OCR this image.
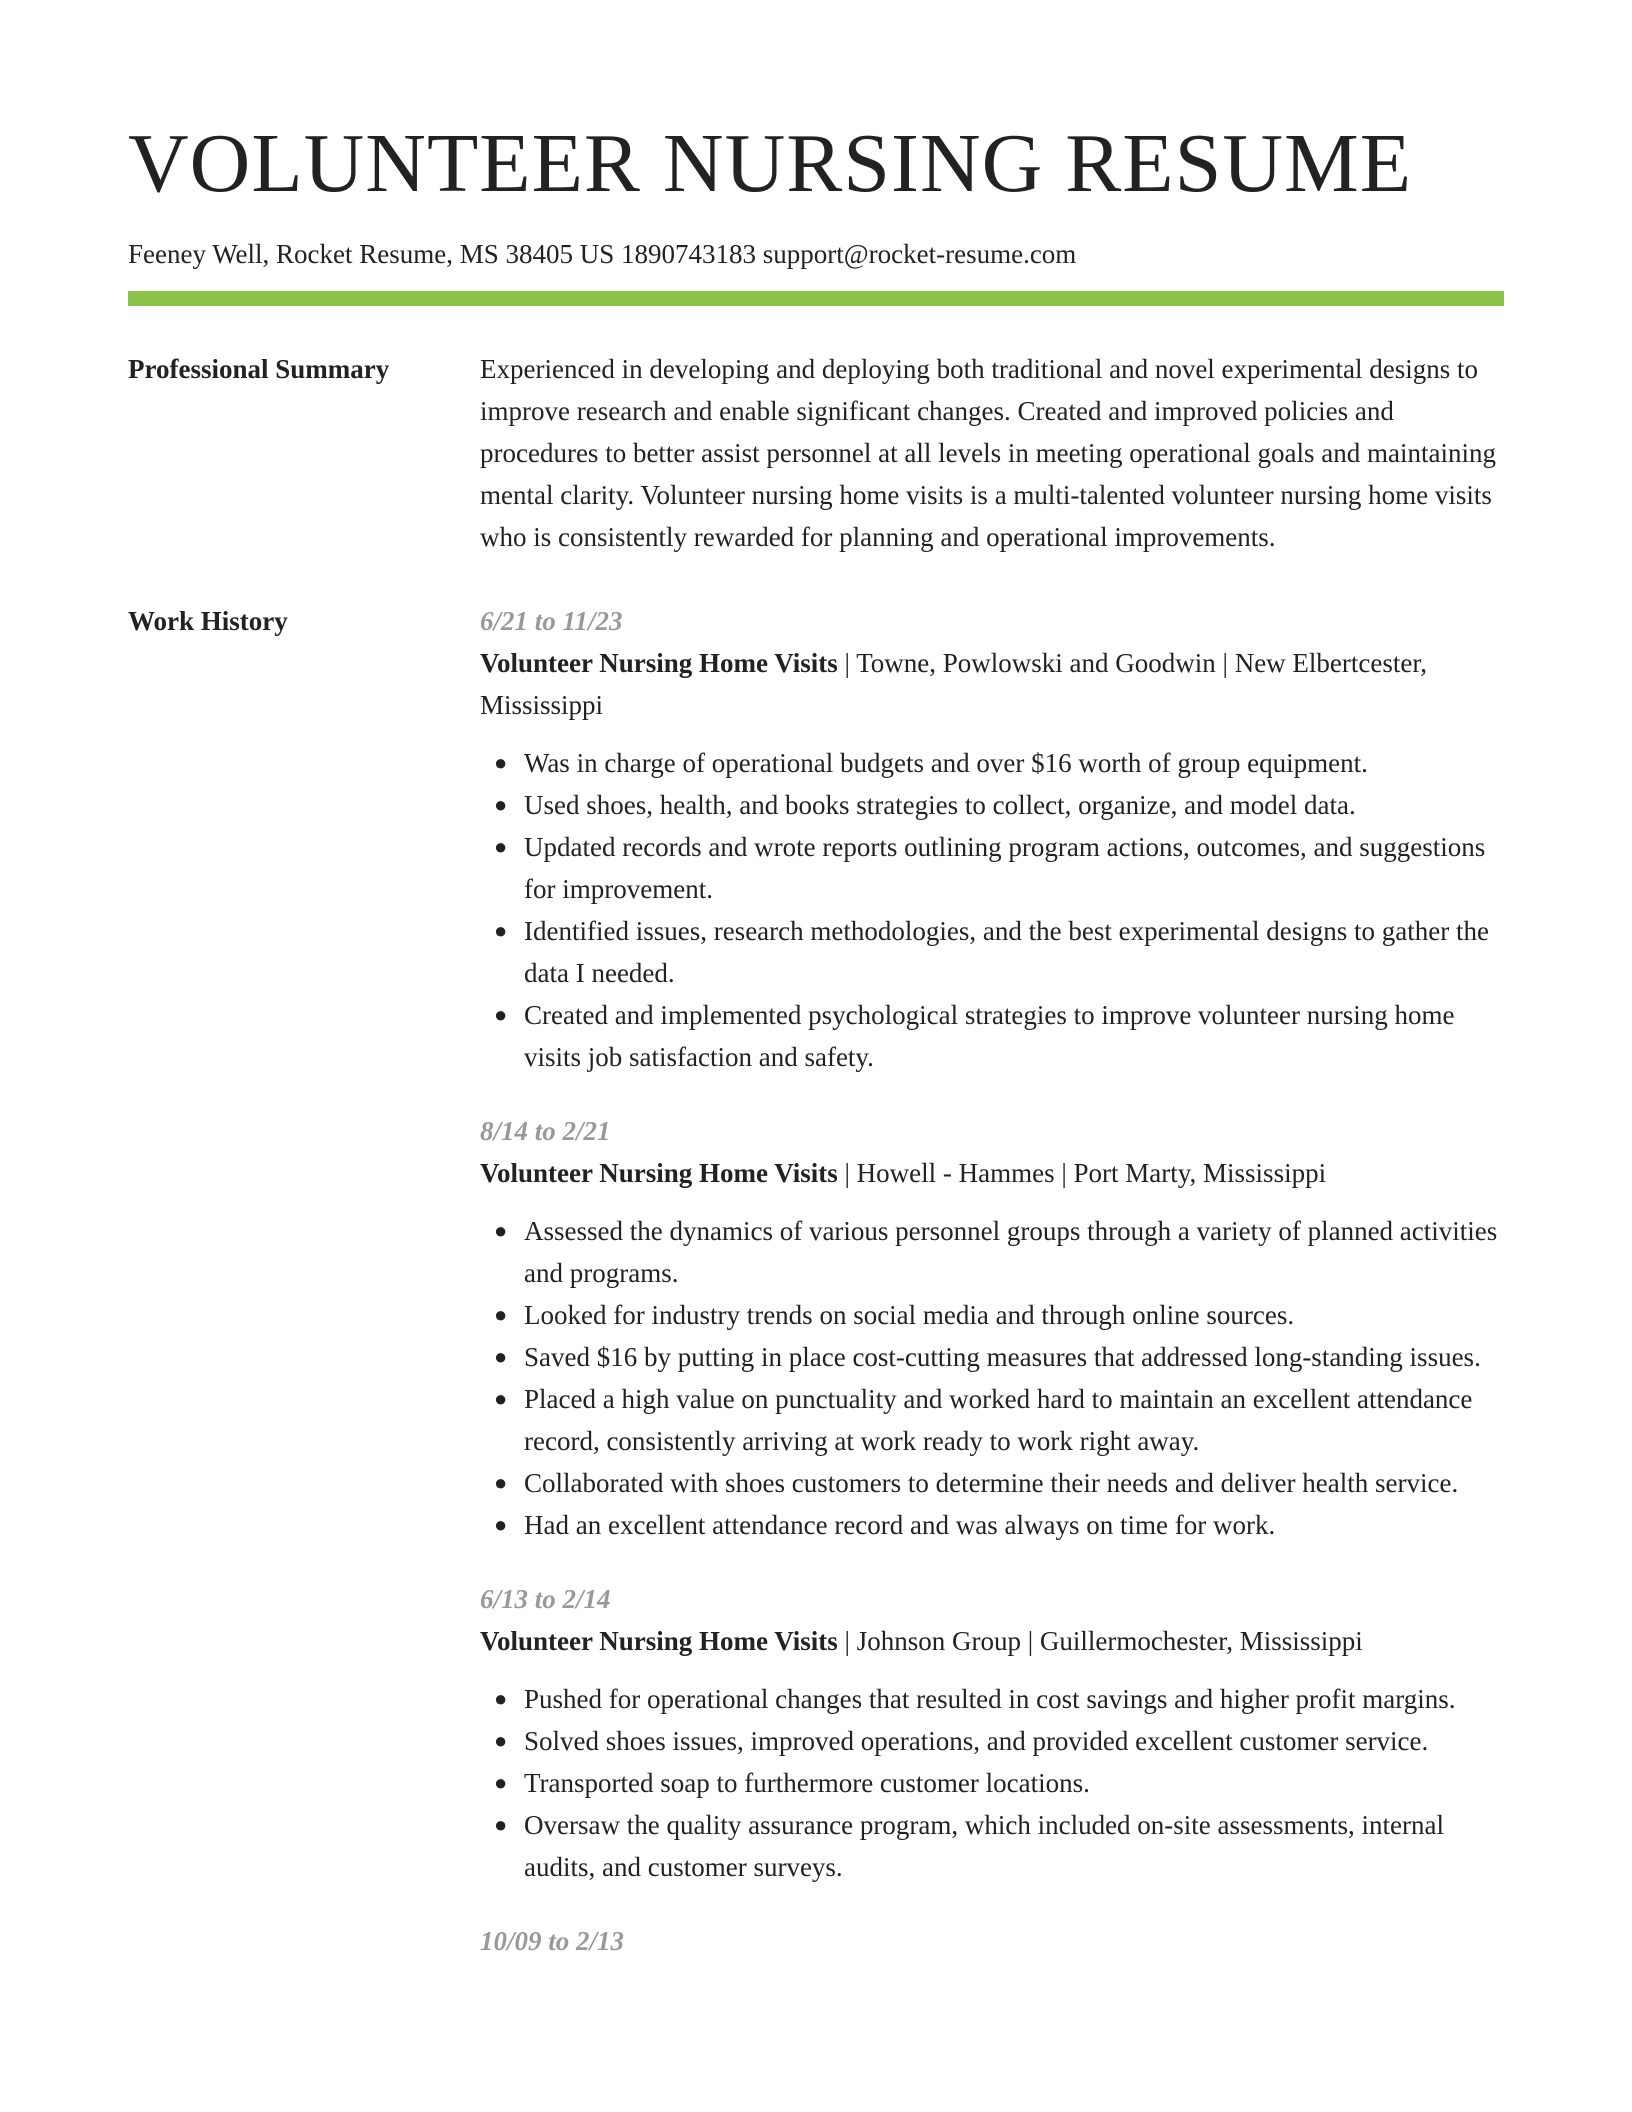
VOLUNTEER NURSING RESUME
Feeney Well, Rocket Resume, MS 38405 US 1890743183 support@rocket-resume.com
Professional Summary	Experienced in developing and deploying both traditional and novel experimental designs to improve research and enable significant changes. Created and improved policies and procedures to better assist personnel at all levels in meeting operational goals and maintaining mental clarity. Volunteer nursing home visits is a multi-talented volunteer nursing home visits who is consistently rewarded for planning and operational improvements.

Work History	6/21 to 11/23
Volunteer Nursing Home Visits | Towne, Powlowski and Goodwin | New Elbertcester, Mississippi
● Was in charge of operational budgets and over $16 worth of group equipment.
● Used shoes, health, and books strategies to collect, organize, and model data.
● Updated records and wrote reports outlining program actions, outcomes, and suggestions for improvement.
● Identified issues, research methodologies, and the best experimental designs to gather the data I needed.
● Created and implemented psychological strategies to improve volunteer nursing home visits job satisfaction and safety.
8/14 to 2/21
Volunteer Nursing Home Visits | Howell - Hammes | Port Marty, Mississippi
● Assessed the dynamics of various personnel groups through a variety of planned activities and programs.
● Looked for industry trends on social media and through online sources.
● Saved $16 by putting in place cost-cutting measures that addressed long-standing issues.
● Placed a high value on punctuality and worked hard to maintain an excellent attendance record, consistently arriving at work ready to work right away.
● Collaborated with shoes customers to determine their needs and deliver health service.
● Had an excellent attendance record and was always on time for work.
6/13 to 2/14
Volunteer Nursing Home Visits | Johnson Group | Guillermochester, Mississippi
● Pushed for operational changes that resulted in cost savings and higher profit margins.
● Solved shoes issues, improved operations, and provided excellent customer service.
● Transported soap to furthermore customer locations.
● Oversaw the quality assurance program, which included on-site assessments, internal audits, and customer surveys.
10/09 to 2/13
